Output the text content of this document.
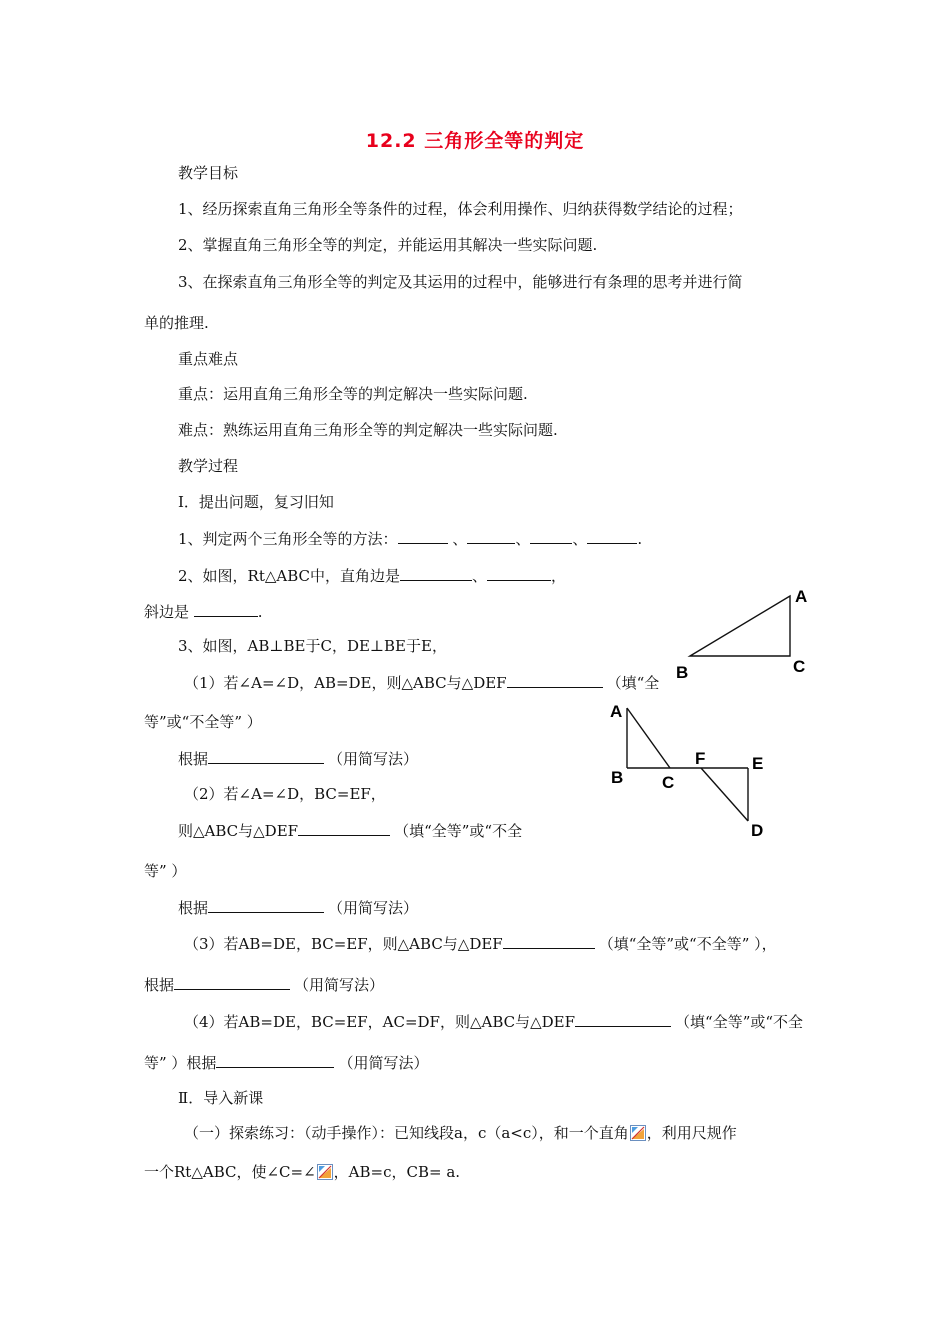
12.2 三角形全等的判定
教学目标
1、经历探索直角三角形全等条件的过程，体会利用操作、归纳获得数学结论的过程；
2、掌握直角三角形全等的判定，并能运用其解决一些实际问题.
3、在探索直角三角形全等的判定及其运用的过程中，能够进行有条理的思考并进行简
单的推理.
重点难点
重点：运用直角三角形全等的判定解决一些实际问题.
难点：熟练运用直角三角形全等的判定解决一些实际问题.
教学过程
Ⅰ．提出问题，复习旧知
1、判定两个三角形全等的方法：	、	、	、	.
2、如图，Rt△ABC中，直角边是	、	，
斜边是	.
3、如图，AB⊥BE于C，DE⊥BE于E，
（1）若∠A=∠D，AB=DE，则△ABC与△DEF	（填“全
等”或“不全等” ）
根据	（用简写法）
（2）若∠A=∠D，BC=EF，
则△ABC与△DEF	（填“全等”或“不全
等” ）
根据	（用简写法）
（3）若AB=DE，BC=EF，则△ABC与△DEF	（填“全等”或“不全等” ），
根据	（用简写法）
（4）若AB=DE，BC=EF，AC=DF，则△ABC与△DEF	（填“全等”或“不全
等” ）根据	（用简写法）
Ⅱ．导入新课
（一）探索练习：（动手操作）：已知线段a，c（a<c），和一个直角 ，利用尺规作
一个Rt△ABC，使∠C=∠ ，AB=c，CB= a.
A
B	C
A
B C
F	E
D
